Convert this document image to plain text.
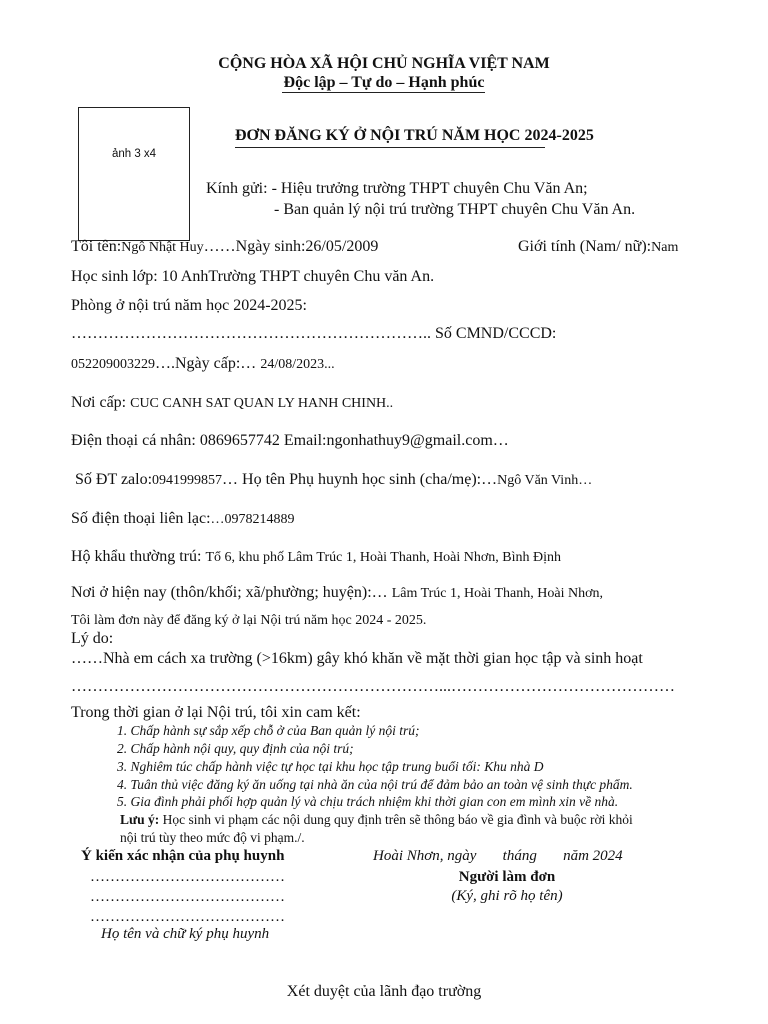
CỘNG HÒA XÃ HỘI CHỦ NGHĨA VIỆT NAM
Độc lập – Tự do – Hạnh phúc
ảnh 3 x4
ĐƠN ĐĂNG KÝ Ở NỘI TRÚ NĂM HỌC 2024-2025
Kính gửi: - Hiệu trưởng trường THPT chuyên Chu Văn An;
- Ban quản lý nội trú trường THPT chuyên Chu Văn An.
Tôi tên:Ngô Nhật Huy……Ngày sinh:26/05/2009	Giới tính (Nam/ nữ):Nam
Học sinh lớp: 10 AnhTrường THPT chuyên Chu văn An.
Phòng ở nội trú năm học 2024-2025:
………………………………………………………….. Số CMND/CCCD:
052209003229….Ngày cấp:… 24/08/2023...
Nơi cấp: CUC CANH SAT QUAN LY HANH CHINH..
Điện thoại cá nhân: 0869657742 Email:ngonhathuy9@gmail.com…
Số ĐT zalo:0941999857… Họ tên Phụ huynh học sinh (cha/mẹ):…Ngô Văn Vinh…
Số điện thoại liên lạc:…0978214889
Hộ khẩu thường trú: Tổ 6, khu phố Lâm Trúc 1, Hoài Thanh, Hoài Nhơn, Bình Định
Nơi ở hiện nay (thôn/khối; xã/phường; huyện):… Lâm Trúc 1, Hoài Thanh, Hoài Nhơn,
Tôi làm đơn này để đăng ký ở lại Nội trú năm học 2024 - 2025.
Lý do:
……Nhà em cách xa trường (>16km) gây khó khăn về mặt thời gian học tập và sinh hoạt
……………………………………………………………...……………………………………
Trong thời gian ở lại Nội trú, tôi xin cam kết:
1. Chấp hành sự sắp xếp chỗ ở của Ban quản lý nội trú;
2. Chấp hành nội quy, quy định của nội trú;
3. Nghiêm túc chấp hành việc tự học tại khu học tập trung buổi tối: Khu nhà D
4. Tuân thủ việc đăng ký ăn uống tại nhà ăn của nội trú để đảm bảo an toàn vệ sinh thực phẩm.
5. Gia đình phải phối hợp quản lý và chịu trách nhiệm khi thời gian con em mình xin về nhà.
Lưu ý: Học sinh vi phạm các nội dung quy định trên sẽ thông báo về gia đình và buộc rời khỏi
nội trú tùy theo mức độ vi phạm./.
Ý kiến xác nhận của phụ huynh
…………………………………
…………………………………
…………………………………
Họ tên và chữ ký phụ huynh
Hoài Nhơn, ngày       tháng       năm 2024
Người làm đơn
(Ký, ghi rõ họ tên)
Xét duyệt của lãnh đạo trường
